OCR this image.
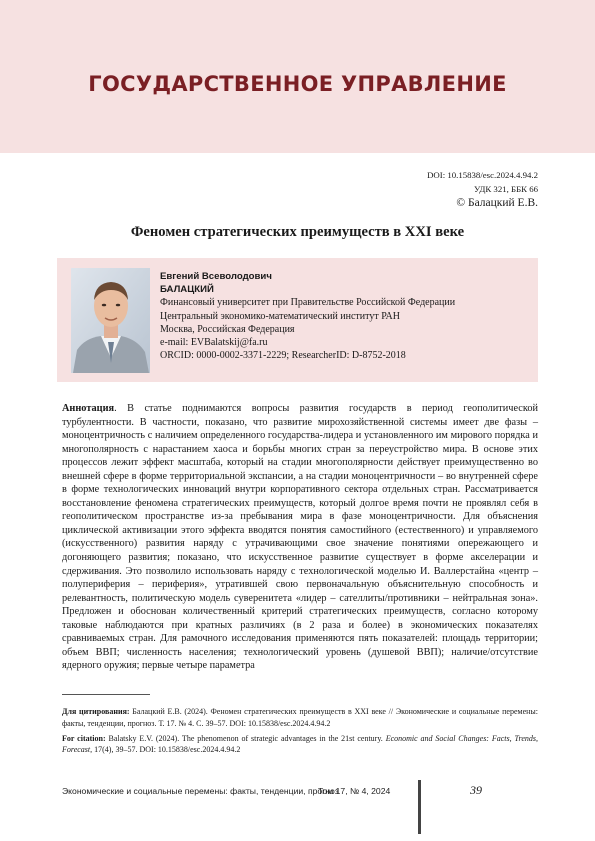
ГОСУДАРСТВЕННОЕ УПРАВЛЕНИЕ
DOI: 10.15838/esc.2024.4.94.2
УДК 321, ББК 66
© Балацкий Е.В.
Феномен стратегических преимуществ в XXI веке
Евгений Всеволодович
БАЛАЦКИЙ
Финансовый университет при Правительстве Российской Федерации
Центральный экономико-математический институт РАН
Москва, Российская Федерация
e-mail: EVBalatskij@fa.ru
ORCID: 0000-0002-3371-2229; ResearcherID: D-8752-2018
Аннотация. В статье поднимаются вопросы развития государств в период геополитической турбулентности. В частности, показано, что развитие мирохозяйственной системы имеет две фазы – моноцентричность с наличием определенного государства-лидера и установленного им мирового порядка и многополярность с нарастанием хаоса и борьбы многих стран за переустройство мира. В основе этих процессов лежит эффект масштаба, который на стадии многополярности действует преимущественно во внешней сфере в форме территориальной экспансии, а на стадии моноцентричности – во внутренней сфере в форме технологических инноваций внутри корпоративного сектора отдельных стран. Рассматривается восстановление феномена стратегических преимуществ, который долгое время почти не проявлял себя в геополитическом пространстве из-за пребывания мира в фазе моноцентричности. Для объяснения циклической активизации этого эффекта вводятся понятия самостийного (естественного) и управляемого (искусственного) развития наряду с утрачивающими свое значение понятиями опережающего и догоняющего развития; показано, что искусственное развитие существует в форме акселерации и сдерживания. Это позволило использовать наряду с технологической моделью И. Валлерстайна «центр – полупериферия – периферия», утратившей свою первоначальную объяснительную способность и релевантность, политическую модель суверенитета «лидер – сателлиты/противники – нейтральная зона». Предложен и обоснован количественный критерий стратегических преимуществ, согласно которому таковые наблюдаются при кратных различиях (в 2 раза и более) в экономических показателях сравниваемых стран. Для рамочного исследования применяются пять показателей: площадь территории; объем ВВП; численность населения; технологический уровень (душевой ВВП); наличие/отсутствие ядерного оружия; первые четыре параметра
Для цитирования: Балацкий Е.В. (2024). Феномен стратегических преимуществ в XXI веке // Экономические и социальные перемены: факты, тенденции, прогноз. Т. 17. № 4. С. 39–57. DOI: 10.15838/esc.2024.4.94.2
For citation: Balatsky E.V. (2024). The phenomenon of strategic advantages in the 21st century. Economic and Social Changes: Facts, Trends, Forecast, 17(4), 39–57. DOI: 10.15838/esc.2024.4.94.2
Экономические и социальные перемены: факты, тенденции, прогноз
Том 17, № 4, 2024	39
